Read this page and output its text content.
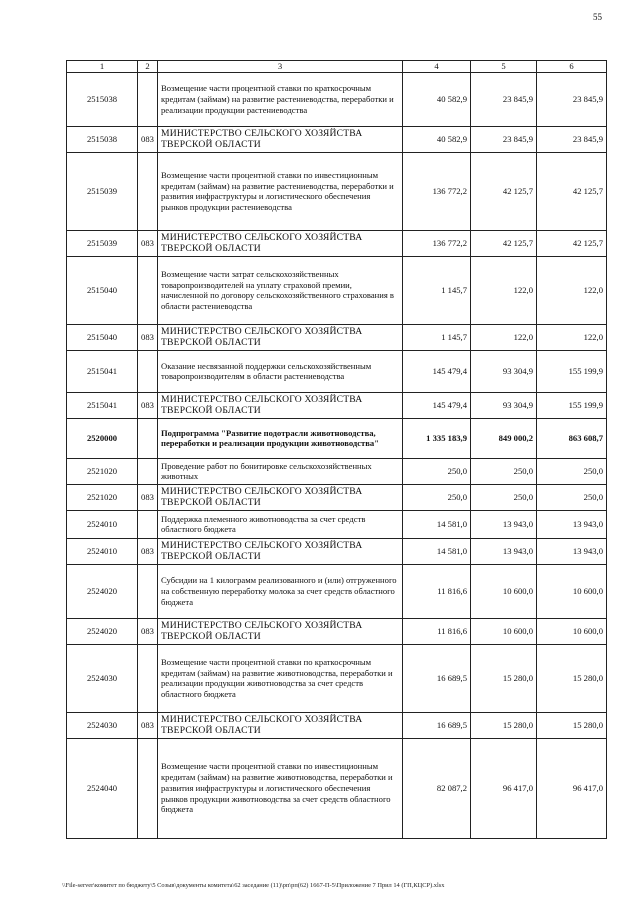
55
1	2	3	4	5	6
2515038		Возмещение части процентной ставки по краткосрочным кредитам (займам) на развитие растениеводства, переработки и реализации продукции растениеводства	40 582,9	23 845,9	23 845,9
2515038	083	МИНИСТЕРСТВО СЕЛЬСКОГО ХОЗЯЙСТВА ТВЕРСКОЙ ОБЛАСТИ	40 582,9	23 845,9	23 845,9
2515039		Возмещение части процентной ставки по инвестиционным кредитам (займам) на развитие растениеводства, переработки и развития инфраструктуры и логистического обеспечения рынков продукции растениеводства	136 772,2	42 125,7	42 125,7
2515039	083	МИНИСТЕРСТВО СЕЛЬСКОГО ХОЗЯЙСТВА ТВЕРСКОЙ ОБЛАСТИ	136 772,2	42 125,7	42 125,7
2515040		Возмещение части затрат сельскохозяйственных товаропроизводителей на уплату страховой премии, начисленной по договору сельскохозяйственного страхования в области растениеводства	1 145,7	122,0	122,0
2515040	083	МИНИСТЕРСТВО СЕЛЬСКОГО ХОЗЯЙСТВА ТВЕРСКОЙ ОБЛАСТИ	1 145,7	122,0	122,0
2515041		Оказание несвязанной поддержки сельскохозяйственным товаропроизводителям в области растениеводства	145 479,4	93 304,9	155 199,9
2515041	083	МИНИСТЕРСТВО СЕЛЬСКОГО ХОЗЯЙСТВА ТВЕРСКОЙ ОБЛАСТИ	145 479,4	93 304,9	155 199,9
2520000		Подпрограмма "Развитие подотрасли животноводства, переработки и реализации продукции животноводства"	1 335 183,9	849 000,2	863 608,7
2521020		Проведение работ по бонитировке сельскохозяйственных животных	250,0	250,0	250,0
2521020	083	МИНИСТЕРСТВО СЕЛЬСКОГО ХОЗЯЙСТВА ТВЕРСКОЙ ОБЛАСТИ	250,0	250,0	250,0
2524010		Поддержка племенного животноводства за счет средств областного бюджета	14 581,0	13 943,0	13 943,0
2524010	083	МИНИСТЕРСТВО СЕЛЬСКОГО ХОЗЯЙСТВА ТВЕРСКОЙ ОБЛАСТИ	14 581,0	13 943,0	13 943,0
2524020		Субсидии на 1 килограмм реализованного и (или) отгруженного на собственную переработку молока за счет средств областного бюджета	11 816,6	10 600,0	10 600,0
2524020	083	МИНИСТЕРСТВО СЕЛЬСКОГО ХОЗЯЙСТВА ТВЕРСКОЙ ОБЛАСТИ	11 816,6	10 600,0	10 600,0
2524030		Возмещение части процентной ставки по краткосрочным кредитам (займам) на развитие животноводства, переработки и реализации продукции животноводства за счет средств областного бюджета	16 689,5	15 280,0	15 280,0
2524030	083	МИНИСТЕРСТВО СЕЛЬСКОГО ХОЗЯЙСТВА ТВЕРСКОЙ ОБЛАСТИ	16 689,5	15 280,0	15 280,0
2524040		Возмещение части процентной ставки по инвестиционным кредитам (займам) на развитие животноводства, переработки и развития инфраструктуры и логистического обеспечения рынков продукции животноводства за счет средств областного бюджета	82 087,2	96 417,0	96 417,0
\\File-server\комитет по бюджету\5 Созыв\документы комитета\62 заседание (11)\рп\рп(62) 1667-П-5\Приложение 7 Прил 14 (ГП,КЦСР).xlsx
